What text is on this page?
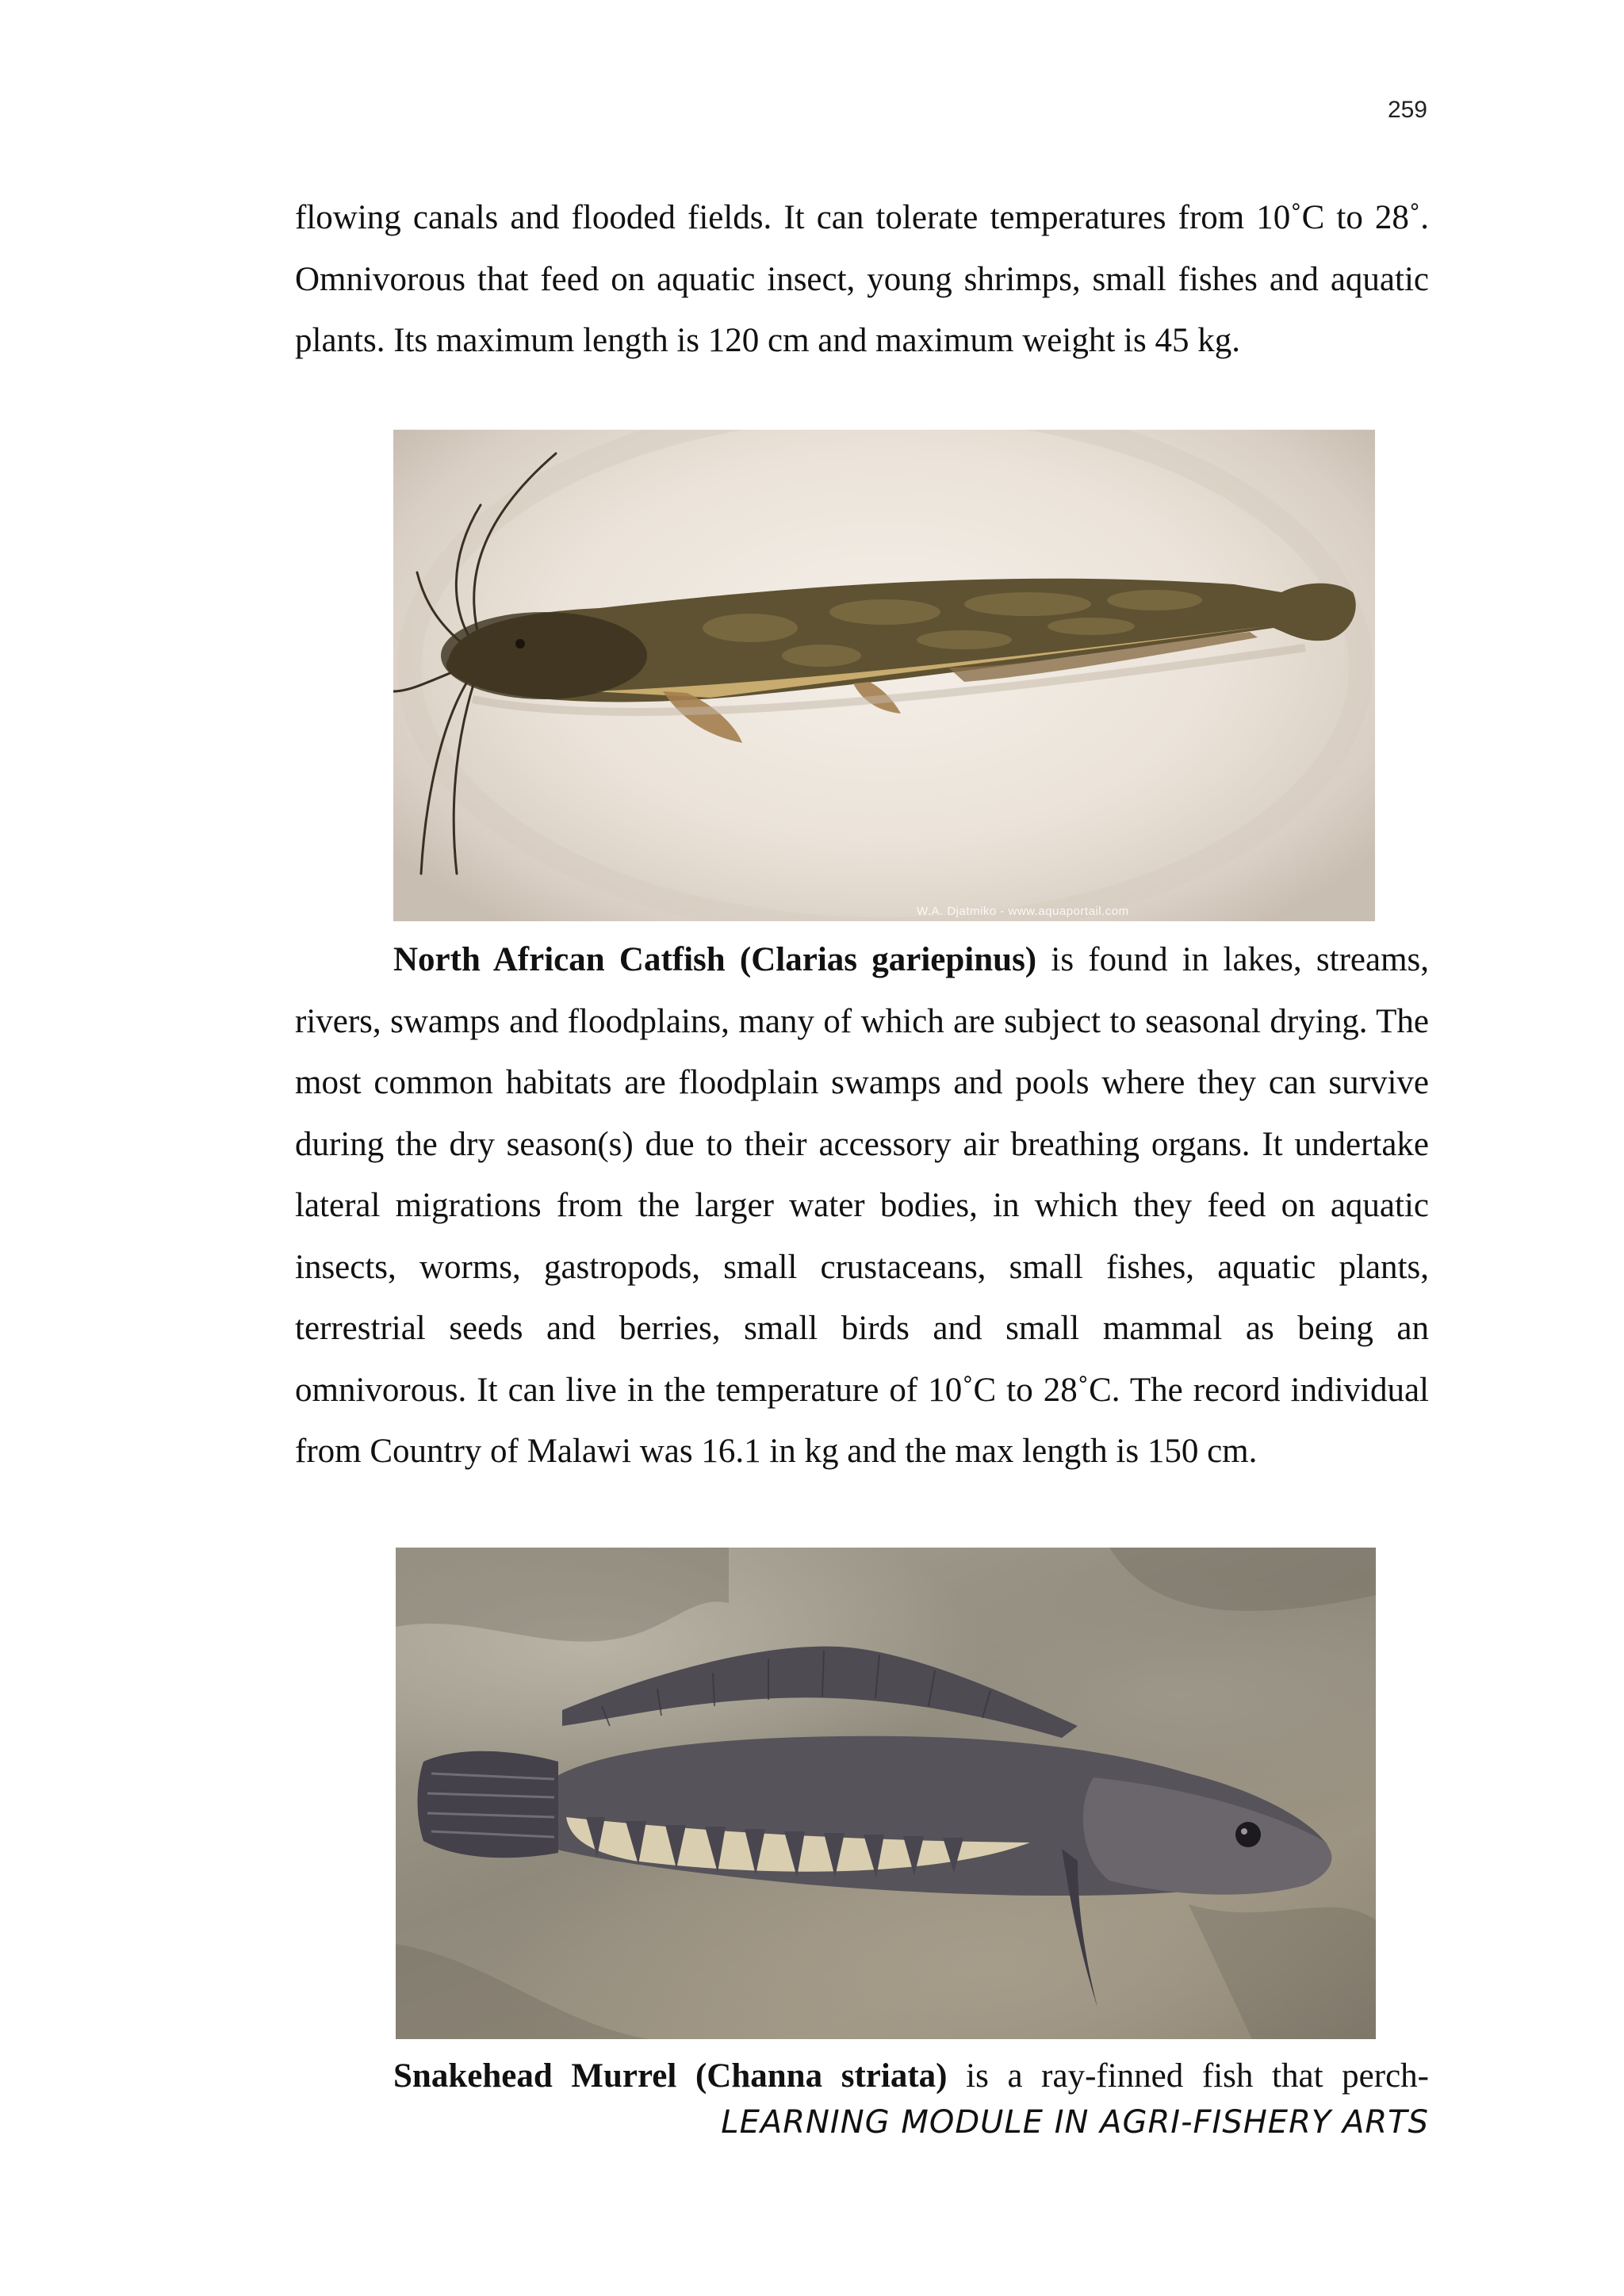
259

flowing canals and flooded fields. It can tolerate temperatures from 10˚C to 28˚. Omnivorous that feed on aquatic insect, young shrimps, small fishes and aquatic plants. Its maximum length is 120 cm and maximum weight is 45 kg.

W.A. Djatmiko - www.aquaportail.com

North African Catfish (Clarias gariepinus) is found in lakes, streams, rivers, swamps and floodplains, many of which are subject to seasonal drying. The most common habitats are floodplain swamps and pools where they can survive during the dry season(s) due to their accessory air breathing organs. It undertake lateral migrations from the larger water bodies, in which they feed on aquatic insects, worms, gastropods, small crustaceans, small fishes, aquatic plants, terrestrial seeds and berries, small birds and small mammal as being an omnivorous. It can live in the temperature of 10˚C to 28˚C. The record individual from Country of Malawi was 16.1 in kg and the max length is 150 cm.

Snakehead Murrel (Channa striata) is a ray-finned fish that perch-

LEARNING MODULE IN AGRI-FISHERY ARTS
